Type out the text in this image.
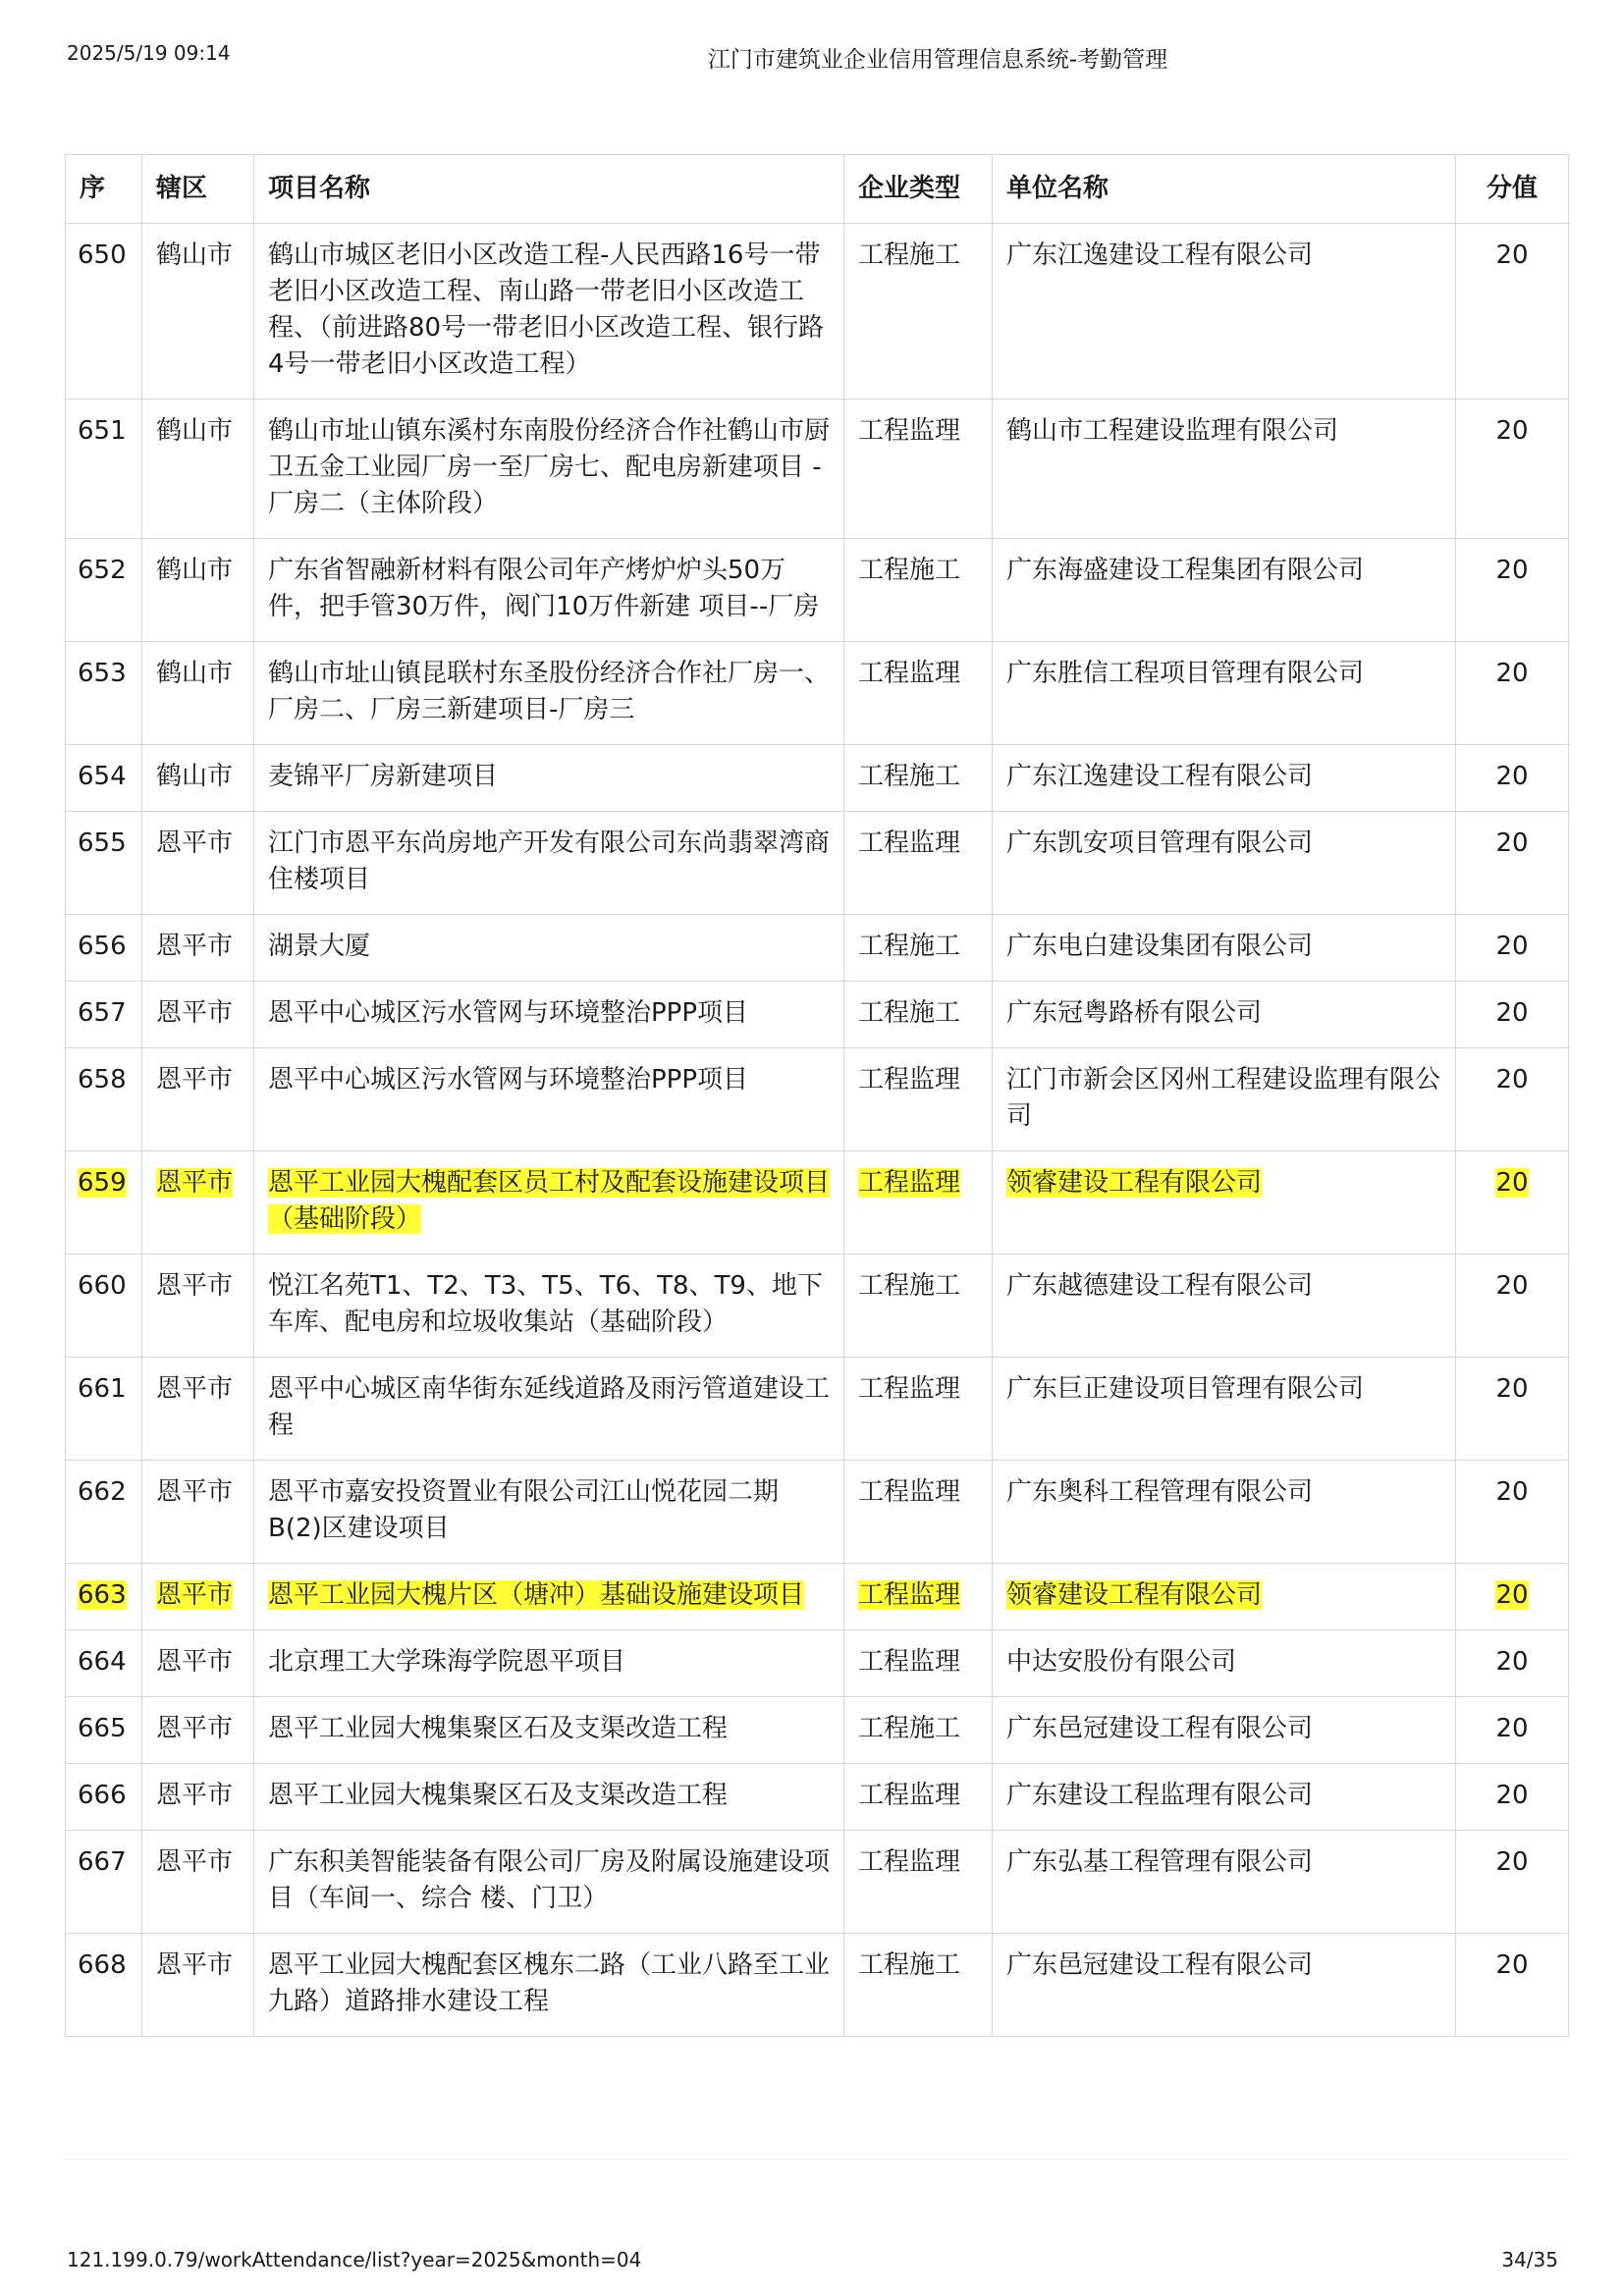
2025/5/19 09:14	江门市建筑业企业信用管理信息系统-考勤管理
序	辖区	项目名称	企业类型	单位名称	分值
650	鹤山市	鹤山市城区老旧小区改造工程-人民西路16号一带老旧小区改造工程、南山路一带老旧小区改造工程、（前进路80号一带老旧小区改造工程、银行路4号一带老旧小区改造工程）	工程施工	广东江逸建设工程有限公司	20
651	鹤山市	鹤山市址山镇东溪村东南股份经济合作社鹤山市厨卫五金工业园厂房一至厂房七、配电房新建项目 - 厂房二（主体阶段）	工程监理	鹤山市工程建设监理有限公司	20
652	鹤山市	广东省智融新材料有限公司年产烤炉炉头50万件，把手管30万件，阀门10万件新建 项目--厂房	工程施工	广东海盛建设工程集团有限公司	20
653	鹤山市	鹤山市址山镇昆联村东圣股份经济合作社厂房一、厂房二、厂房三新建项目-厂房三	工程监理	广东胜信工程项目管理有限公司	20
654	鹤山市	麦锦平厂房新建项目	工程施工	广东江逸建设工程有限公司	20
655	恩平市	江门市恩平东尚房地产开发有限公司东尚翡翠湾商住楼项目	工程监理	广东凯安项目管理有限公司	20
656	恩平市	湖景大厦	工程施工	广东电白建设集团有限公司	20
657	恩平市	恩平中心城区污水管网与环境整治PPP项目	工程施工	广东冠粤路桥有限公司	20
658	恩平市	恩平中心城区污水管网与环境整治PPP项目	工程监理	江门市新会区冈州工程建设监理有限公司	20
659	恩平市	恩平工业园大槐配套区员工村及配套设施建设项目（基础阶段）	工程监理	领睿建设工程有限公司	20
660	恩平市	悦江名苑T1、T2、T3、T5、T6、T8、T9、地下车库、配电房和垃圾收集站（基础阶段）	工程施工	广东越德建设工程有限公司	20
661	恩平市	恩平中心城区南华街东延线道路及雨污管道建设工程	工程监理	广东巨正建设项目管理有限公司	20
662	恩平市	恩平市嘉安投资置业有限公司江山悦花园二期B(2)区建设项目	工程监理	广东奥科工程管理有限公司	20
663	恩平市	恩平工业园大槐片区（塘冲）基础设施建设项目	工程监理	领睿建设工程有限公司	20
664	恩平市	北京理工大学珠海学院恩平项目	工程监理	中达安股份有限公司	20
665	恩平市	恩平工业园大槐集聚区石及支渠改造工程	工程施工	广东邑冠建设工程有限公司	20
666	恩平市	恩平工业园大槐集聚区石及支渠改造工程	工程监理	广东建设工程监理有限公司	20
667	恩平市	广东积美智能装备有限公司厂房及附属设施建设项目（车间一、综合 楼、门卫）	工程监理	广东弘基工程管理有限公司	20
668	恩平市	恩平工业园大槐配套区槐东二路（工业八路至工业九路）道路排水建设工程	工程施工	广东邑冠建设工程有限公司	20
121.199.0.79/workAttendance/list?year=2025&month=04	34/35
